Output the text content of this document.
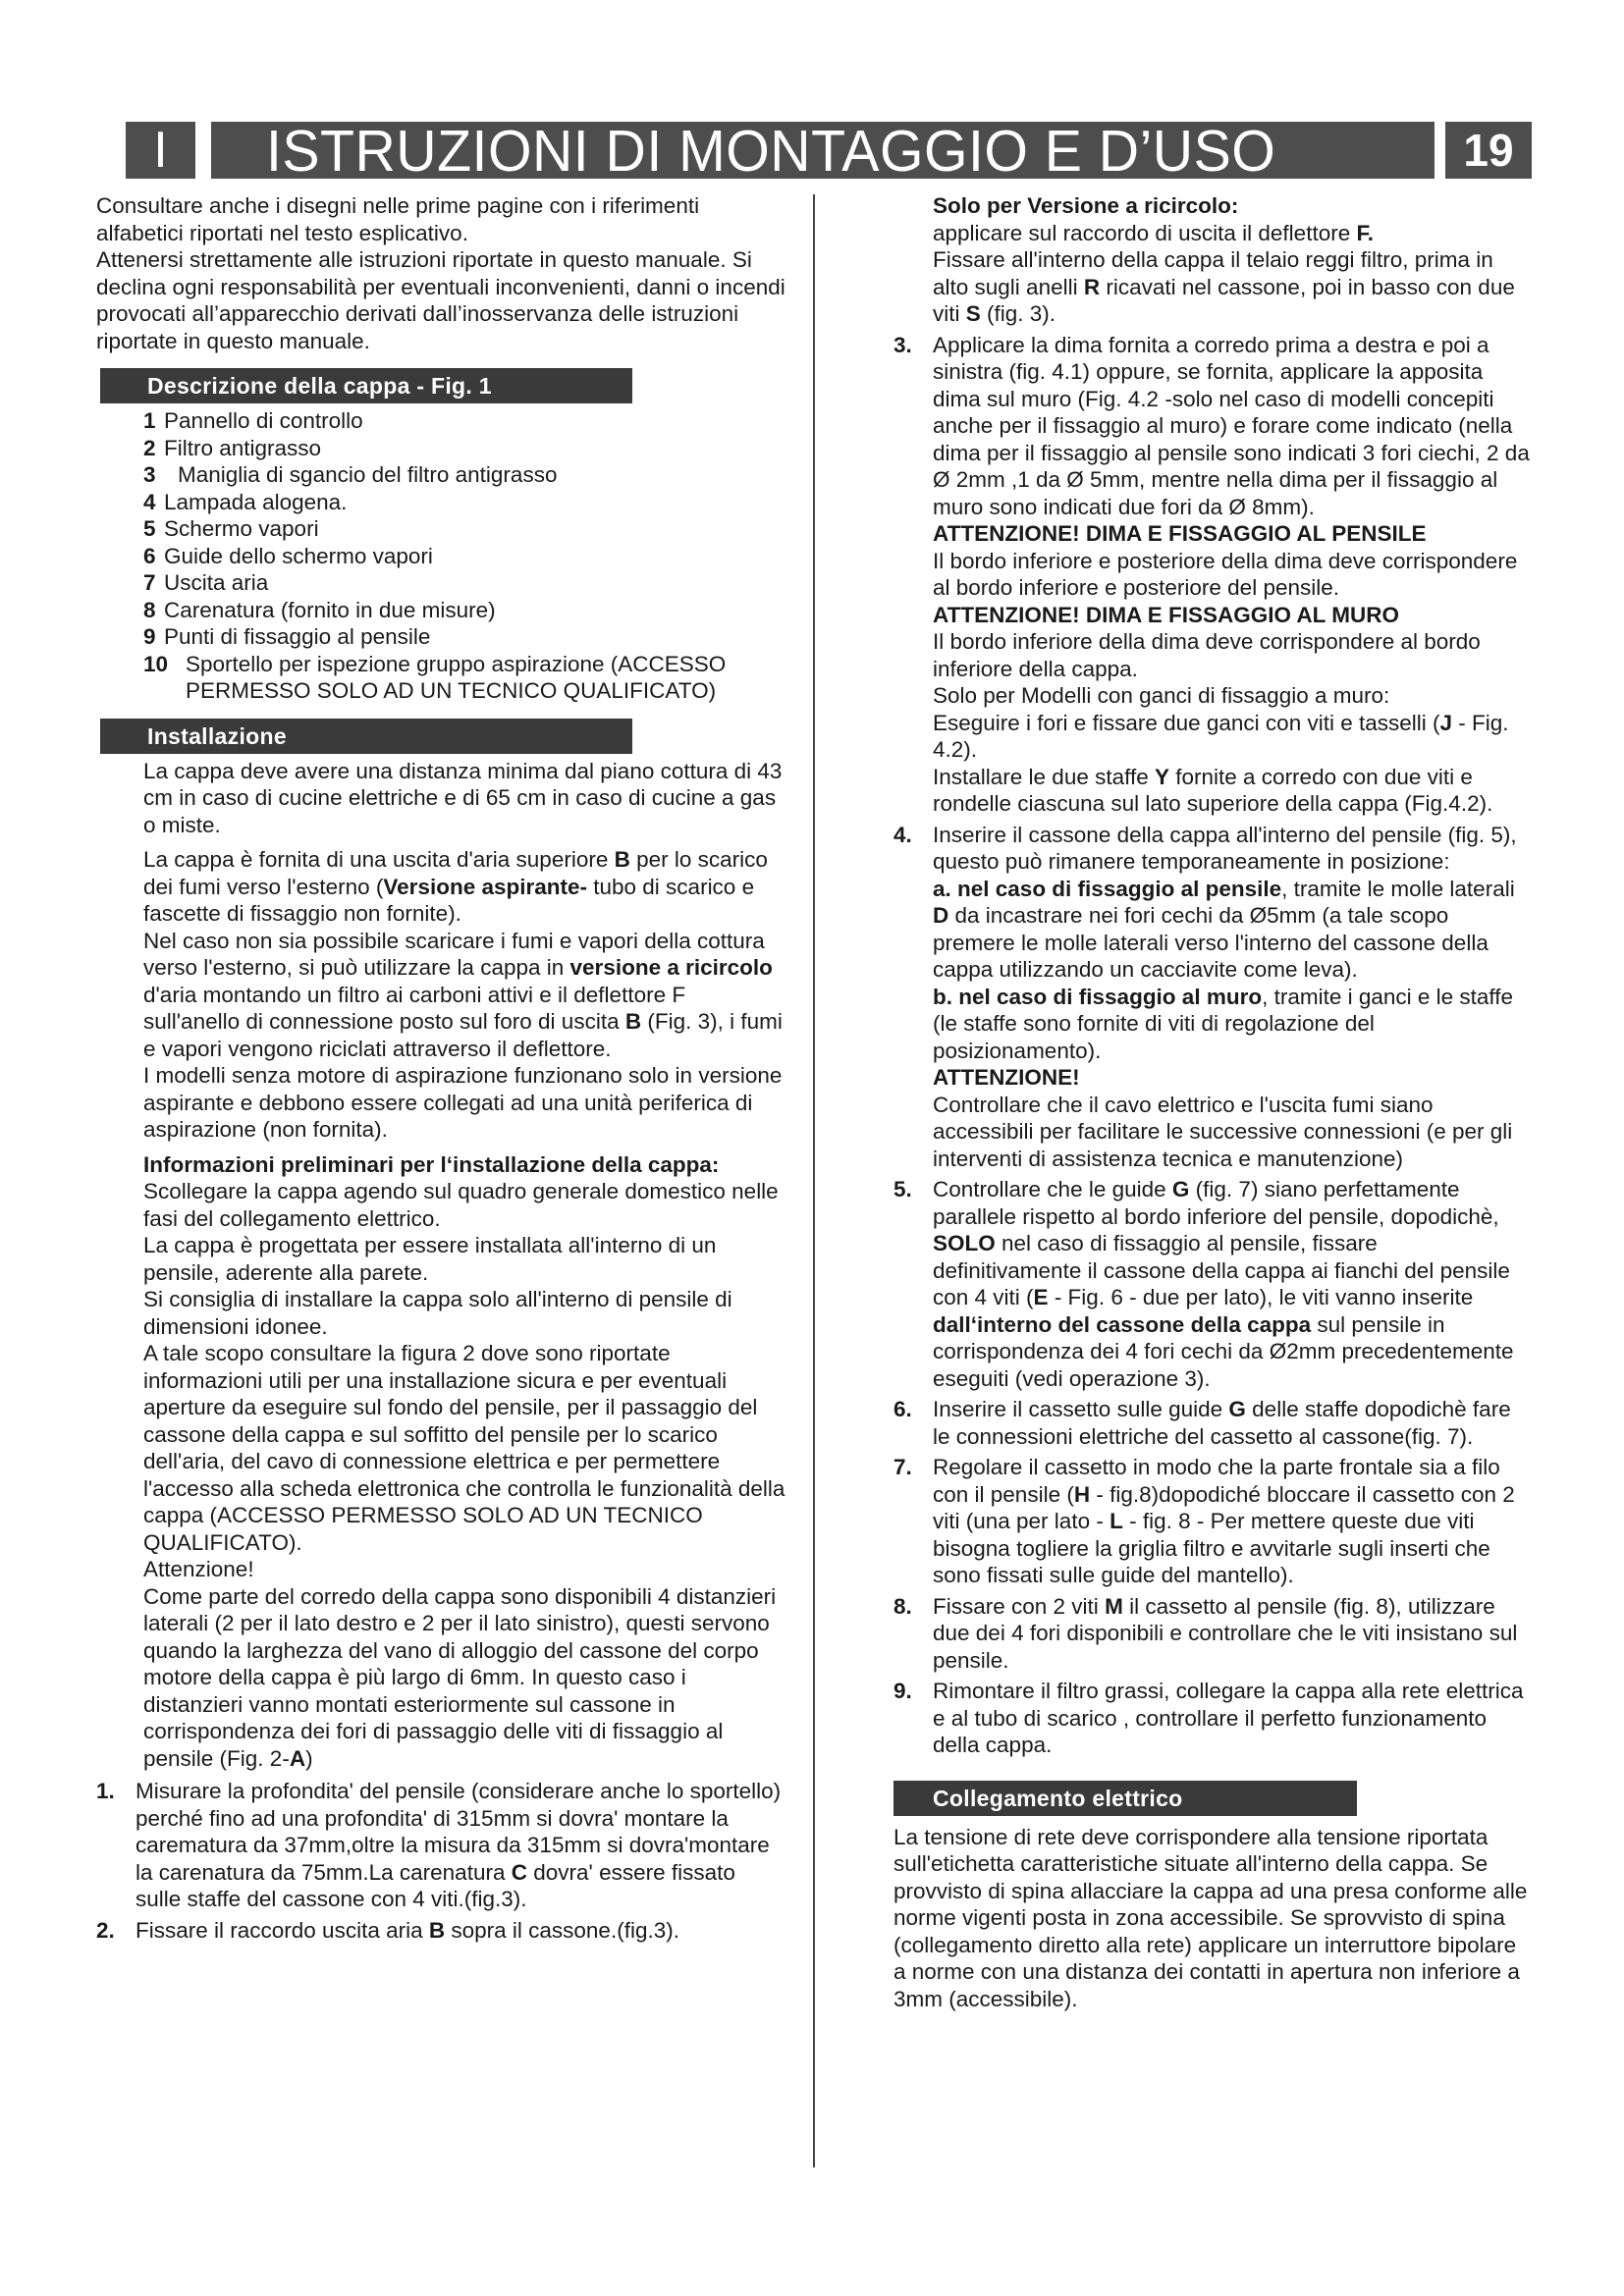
I	ISTRUZIONI DI MONTAGGIO E D’USO	19

Consultare anche i disegni nelle prime pagine con i riferimenti alfabetici riportati nel testo esplicativo.

Attenersi strettamente alle istruzioni riportate in questo manuale. Si declina ogni responsabilità per eventuali inconvenienti, danni o incendi provocati all’apparecchio derivati dall’inosservanza delle istruzioni riportate in questo manuale.

Descrizione della cappa - Fig. 1
1 Pannello di controllo
2 Filtro antigrasso
3 Maniglia di sgancio del filtro antigrasso
4 Lampada alogena.
5 Schermo vapori
6 Guide dello schermo vapori
7 Uscita aria
8 Carenatura (fornito in due misure)
9 Punti di fissaggio al pensile
10 Sportello per ispezione gruppo aspirazione (ACCESSO PERMESSO SOLO AD UN TECNICO QUALIFICATO)
Installazione

La cappa deve avere una distanza minima dal piano cottura di 43 cm in caso di cucine elettriche e di 65 cm in caso di cucine a gas o miste.

La cappa è fornita di una uscita d'aria superiore B per lo scarico dei fumi verso l'esterno (Versione aspirante- tubo di scarico e fascette di fissaggio non fornite).

Nel caso non sia possibile scaricare i fumi e vapori della cottura verso l'esterno, si può utilizzare la cappa in versione a ricircolo d'aria montando un filtro ai carboni attivi e il deflettore F sull'anello di connessione posto sul foro di uscita B (Fig. 3), i fumi e vapori vengono riciclati attraverso il deflettore.

I modelli senza motore di aspirazione funzionano solo in versione aspirante e debbono essere collegati ad una unità periferica di aspirazione (non fornita).

Informazioni preliminari per l‘installazione della cappa:

Scollegare la cappa agendo sul quadro generale domestico nelle fasi del collegamento elettrico.

La cappa è progettata per essere installata all'interno di un pensile, aderente alla parete.

Si consiglia di installare la cappa solo all'interno di pensile di dimensioni idonee.

A tale scopo consultare la figura 2 dove sono riportate informazioni utili per una installazione sicura e per eventuali aperture da eseguire sul fondo del pensile, per il passaggio del cassone della cappa e sul soffitto del pensile per lo scarico dell'aria, del cavo di connessione elettrica e per permettere l'accesso alla scheda elettronica che controlla le funzionalità della cappa (ACCESSO PERMESSO SOLO AD UN TECNICO QUALIFICATO).

Attenzione!

Come parte del corredo della cappa sono disponibili 4 distanzieri laterali (2 per il lato destro e 2 per il lato sinistro), questi servono quando la larghezza del vano di alloggio del cassone del corpo motore della cappa è più largo di 6mm. In questo caso i distanzieri vanno montati esteriormente sul cassone in corrispondenza dei fori di passaggio delle viti di fissaggio al pensile (Fig. 2-A)

1. Misurare la profondita' del pensile (considerare anche lo sportello) perché fino ad una profondita' di 315mm si dovra' montare la carematura da 37mm,oltre la misura da 315mm si dovra'montare la carenatura da 75mm.La carenatura C dovra' essere fissato sulle staffe del cassone con 4 viti.(fig.3).
2. Fissare il raccordo uscita aria B sopra il cassone.(fig.3).

Solo per Versione a ricircolo:

applicare sul raccordo di uscita il deflettore F.

Fissare all'interno della cappa il telaio reggi filtro, prima in alto sugli anelli R ricavati nel cassone, poi in basso con due viti S (fig. 3).

3. Applicare la dima fornita a corredo prima a destra e poi a sinistra (fig. 4.1) oppure, se fornita, applicare la apposita dima sul muro (Fig. 4.2 -solo nel caso di modelli concepiti anche per il fissaggio al muro) e forare come indicato (nella dima per il fissaggio al pensile sono indicati 3 fori ciechi, 2 da Ø 2mm ,1 da Ø 5mm, mentre nella dima per il fissaggio al muro sono indicati due fori da Ø 8mm).
ATTENZIONE! DIMA E FISSAGGIO AL PENSILE
Il bordo inferiore e posteriore della dima deve corrispondere al bordo inferiore e posteriore del pensile.
ATTENZIONE! DIMA E FISSAGGIO AL MURO
Il bordo inferiore della dima deve corrispondere al bordo inferiore della cappa.
Solo per Modelli con ganci di fissaggio a muro:
Eseguire i fori e fissare due ganci con viti e tasselli (J - Fig. 4.2).
Installare le due staffe Y fornite a corredo con due viti e rondelle ciascuna sul lato superiore della cappa (Fig.4.2).
4. Inserire il cassone della cappa all'interno del pensile (fig. 5), questo può rimanere temporaneamente in posizione:
a. nel caso di fissaggio al pensile, tramite le molle laterali D da incastrare nei fori cechi da Ø5mm (a tale scopo premere le molle laterali verso l'interno del cassone della cappa utilizzando un cacciavite come leva).
b. nel caso di fissaggio al muro, tramite i ganci e le staffe (le staffe sono fornite di viti di regolazione del posizionamento).
ATTENZIONE!
Controllare che il cavo elettrico e l'uscita fumi siano accessibili per facilitare le successive connessioni (e per gli interventi di assistenza tecnica e manutenzione)
5. Controllare che le guide G (fig. 7) siano perfettamente parallele rispetto al bordo inferiore del pensile, dopodichè, SOLO nel caso di fissaggio al pensile, fissare definitivamente il cassone della cappa ai fianchi del pensile con 4 viti (E - Fig. 6 - due per lato), le viti vanno inserite dall‘interno del cassone della cappa sul pensile in corrispondenza dei 4 fori cechi da Ø2mm precedentemente eseguiti (vedi operazione 3).
6. Inserire il cassetto sulle guide G delle staffe dopodichè fare le connessioni elettriche del cassetto al cassone(fig. 7).
7. Regolare il cassetto in modo che la parte frontale sia a filo con il pensile (H - fig.8)dopodiché bloccare il cassetto con 2 viti (una per lato - L - fig. 8 - Per mettere queste due viti bisogna togliere la griglia filtro e avvitarle sugli inserti che sono fissati sulle guide del mantello).
8. Fissare con 2 viti M il cassetto al pensile (fig. 8), utilizzare due dei 4 fori disponibili e controllare che le viti insistano sul pensile.
9. Rimontare il filtro grassi, collegare la cappa alla rete elettrica e al tubo di scarico , controllare il perfetto funzionamento della cappa.
Collegamento elettrico

La tensione di rete deve corrispondere alla tensione riportata sull'etichetta caratteristiche situate all'interno della cappa. Se provvisto di spina allacciare la cappa ad una presa conforme alle norme vigenti posta in zona accessibile. Se sprovvisto di spina (collegamento diretto alla rete) applicare un interruttore bipolare a norme con una distanza dei contatti in apertura non inferiore a 3mm (accessibile).
